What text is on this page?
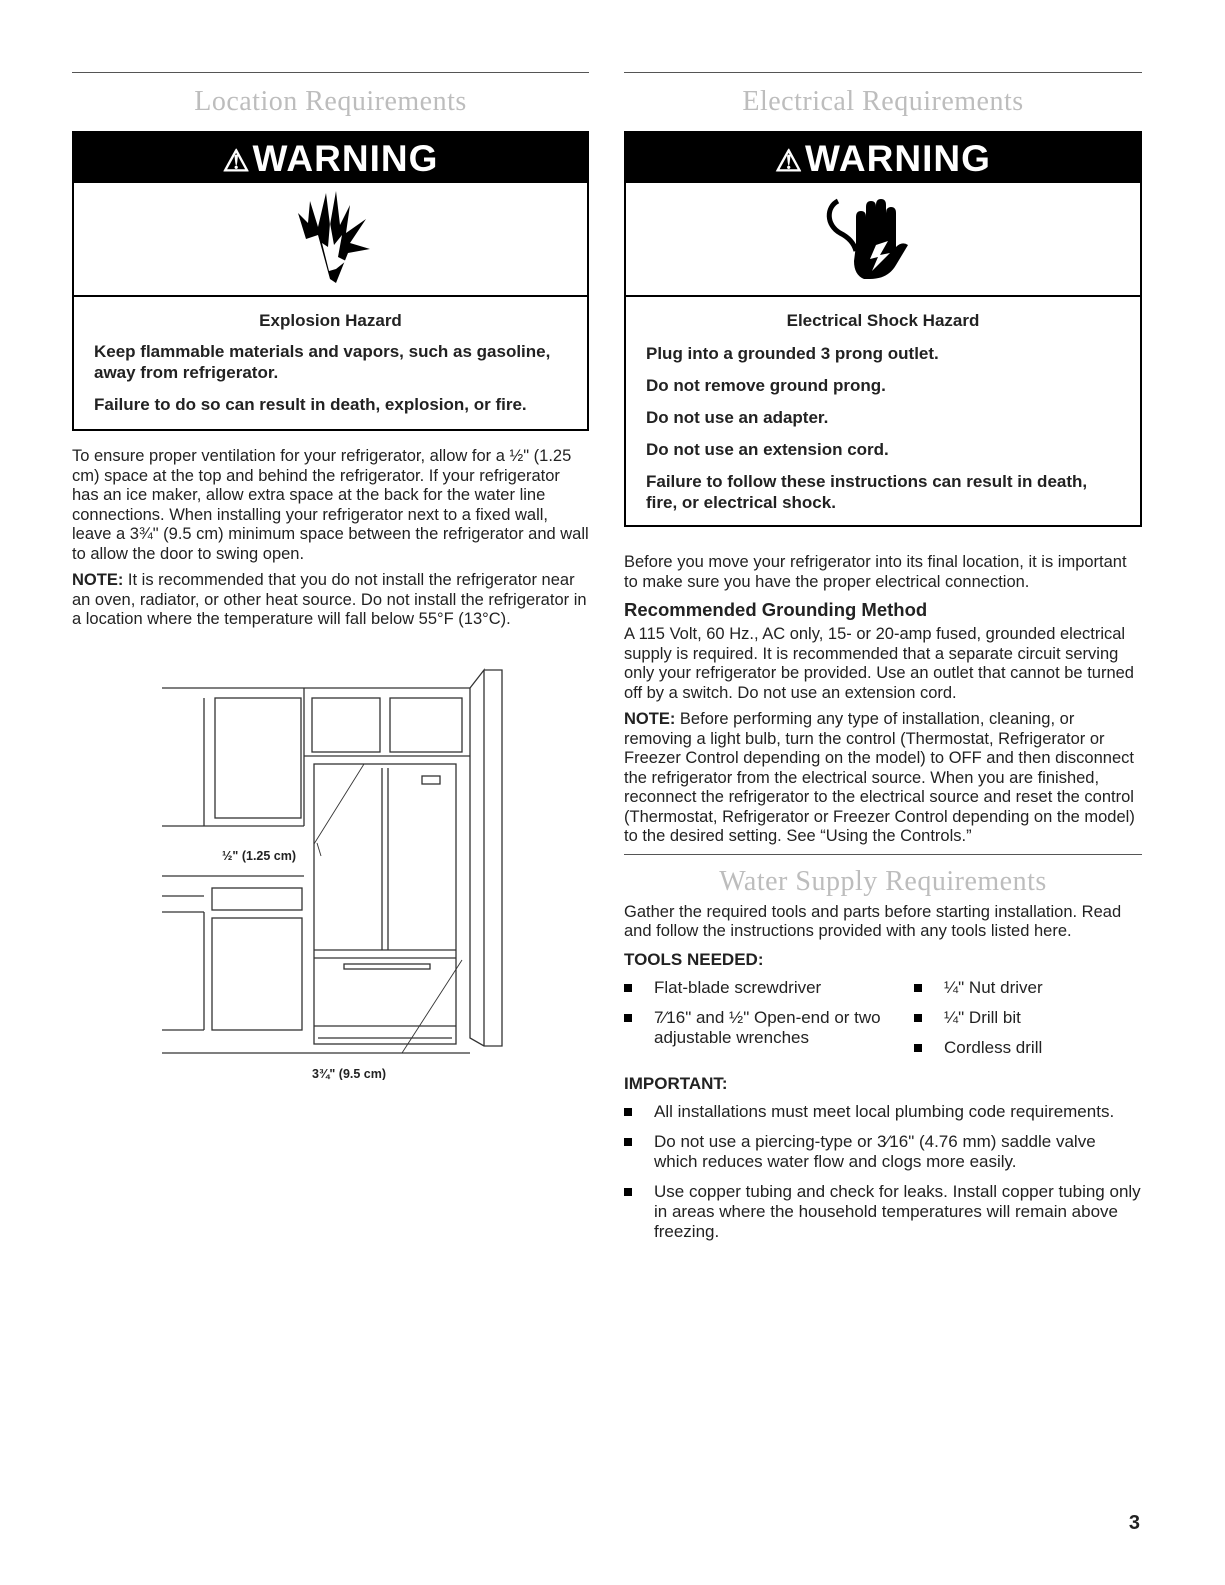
Location Requirements
⚠WARNING
Explosion Hazard
Keep flammable materials and vapors, such as gasoline, away from refrigerator.
Failure to do so can result in death, explosion, or fire.

To ensure proper ventilation for your refrigerator, allow for a ½" (1.25 cm) space at the top and behind the refrigerator. If your refrigerator has an ice maker, allow extra space at the back for the water line connections. When installing your refrigerator next to a fixed wall, leave a 3¾" (9.5 cm) minimum space between the refrigerator and wall to allow the door to swing open.

NOTE: It is recommended that you do not install the refrigerator near an oven, radiator, or other heat source. Do not install the refrigerator in a location where the temperature will fall below 55°F (13°C).

½" (1.25 cm)
3¾" (9.5 cm)
Electrical Requirements
⚠WARNING
Electrical Shock Hazard
Plug into a grounded 3 prong outlet.
Do not remove ground prong.
Do not use an adapter.
Do not use an extension cord.
Failure to follow these instructions can result in death, fire, or electrical shock.

Before you move your refrigerator into its final location, it is important to make sure you have the proper electrical connection.

Recommended Grounding Method

A 115 Volt, 60 Hz., AC only, 15- or 20-amp fused, grounded electrical supply is required. It is recommended that a separate circuit serving only your refrigerator be provided. Use an outlet that cannot be turned off by a switch. Do not use an extension cord.

NOTE: Before performing any type of installation, cleaning, or removing a light bulb, turn the control (Thermostat, Refrigerator or Freezer Control depending on the model) to OFF and then disconnect the refrigerator from the electrical source. When you are finished, reconnect the refrigerator to the electrical source and reset the control (Thermostat, Refrigerator or Freezer Control depending on the model) to the desired setting. See “Using the Controls.”

Water Supply Requirements

Gather the required tools and parts before starting installation. Read and follow the instructions provided with any tools listed here.

TOOLS NEEDED:
Flat-blade screwdriver
7⁄16" and ½" Open-end or two adjustable wrenches
¼" Nut driver
¼" Drill bit
Cordless drill
IMPORTANT:
All installations must meet local plumbing code requirements.
Do not use a piercing-type or 3⁄16" (4.76 mm) saddle valve which reduces water flow and clogs more easily.
Use copper tubing and check for leaks. Install copper tubing only in areas where the household temperatures will remain above freezing.
3
